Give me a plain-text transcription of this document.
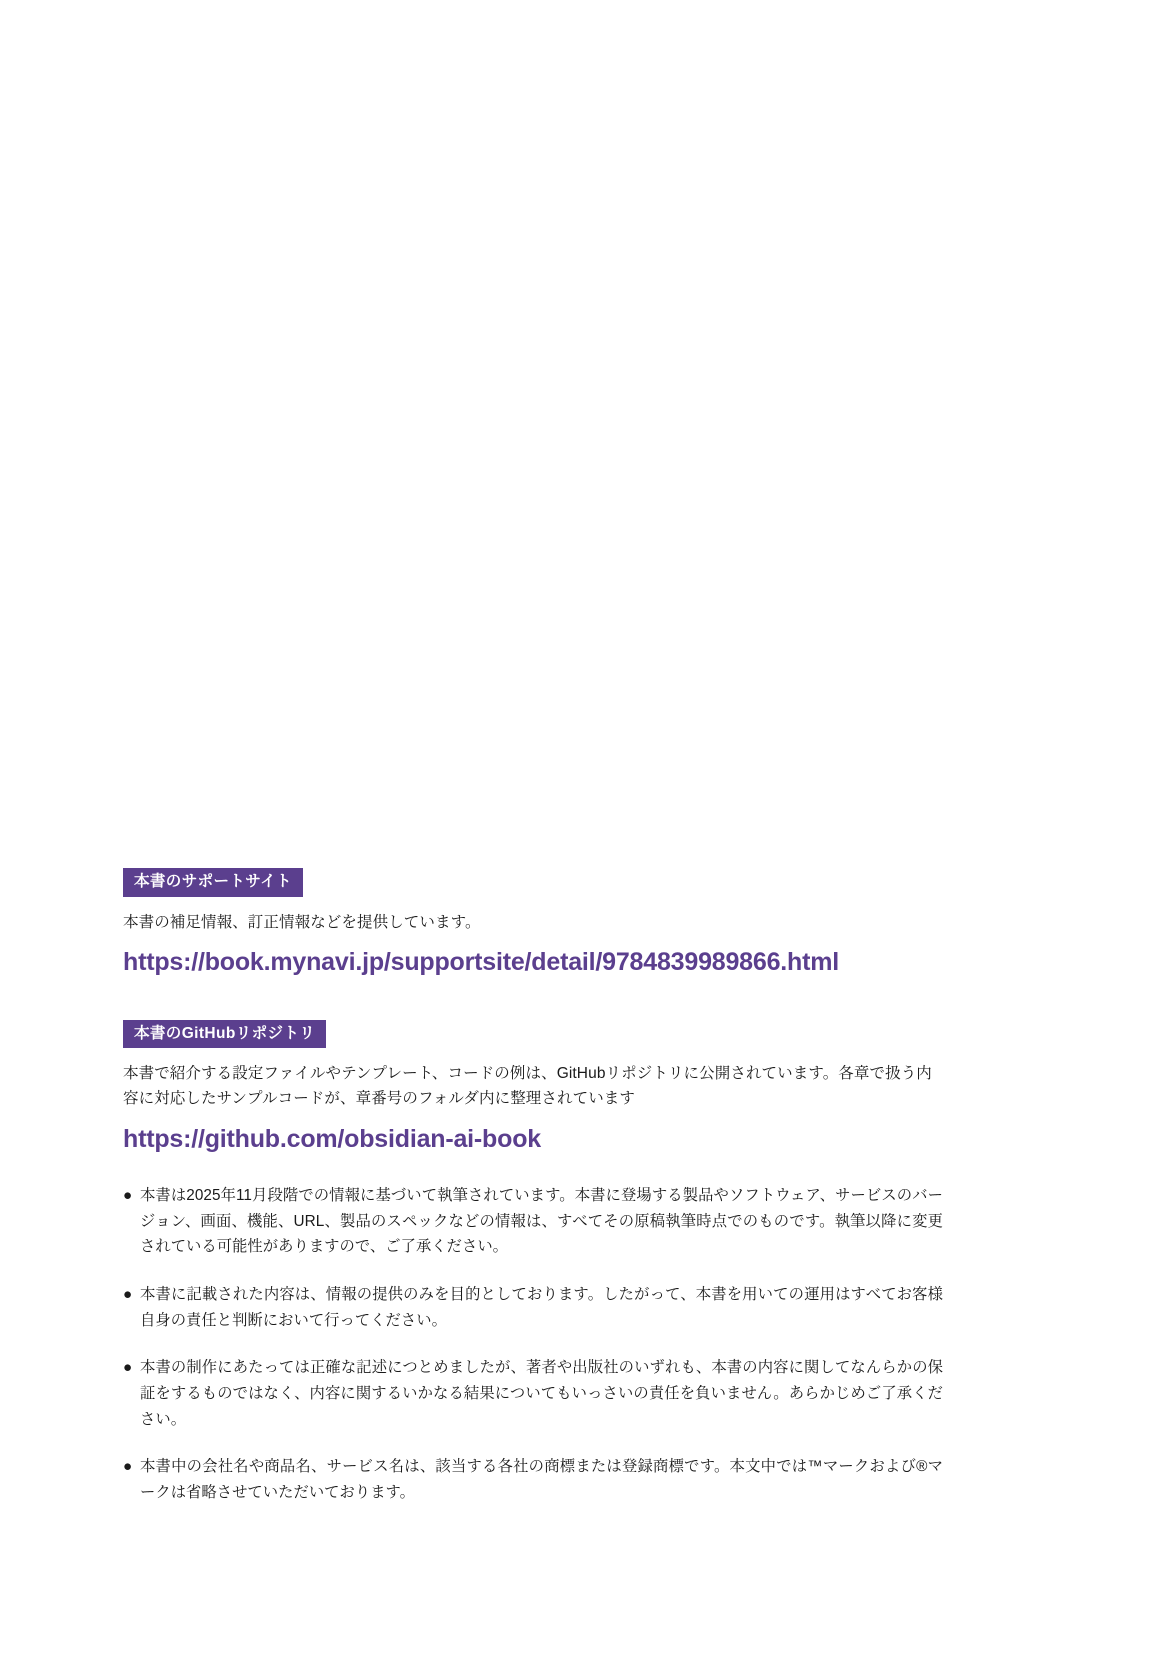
本書のサポートサイト

本書の補足情報、訂正情報などを提供しています。

https://book.mynavi.jp/supportsite/detail/9784839989866.html

本書のGitHubリポジトリ

本書で紹介する設定ファイルやテンプレート、コードの例は、GitHubリポジトリに公開されています。各章で扱う内容に対応したサンプルコードが、章番号のフォルダ内に整理されています

https://github.com/obsidian-ai-book

● 本書は2025年11月段階での情報に基づいて執筆されています。本書に登場する製品やソフトウェア、サービスのバージョン、画面、機能、URL、製品のスペックなどの情報は、すべてその原稿執筆時点でのものです。執筆以降に変更されている可能性がありますので、ご了承ください。

● 本書に記載された内容は、情報の提供のみを目的としております。したがって、本書を用いての運用はすべてお客様自身の責任と判断において行ってください。

● 本書の制作にあたっては正確な記述につとめましたが、著者や出版社のいずれも、本書の内容に関してなんらかの保証をするものではなく、内容に関するいかなる結果についてもいっさいの責任を負いません。あらかじめご了承ください。

● 本書中の会社名や商品名、サービス名は、該当する各社の商標または登録商標です。本文中では™マークおよび®マークは省略させていただいております。
